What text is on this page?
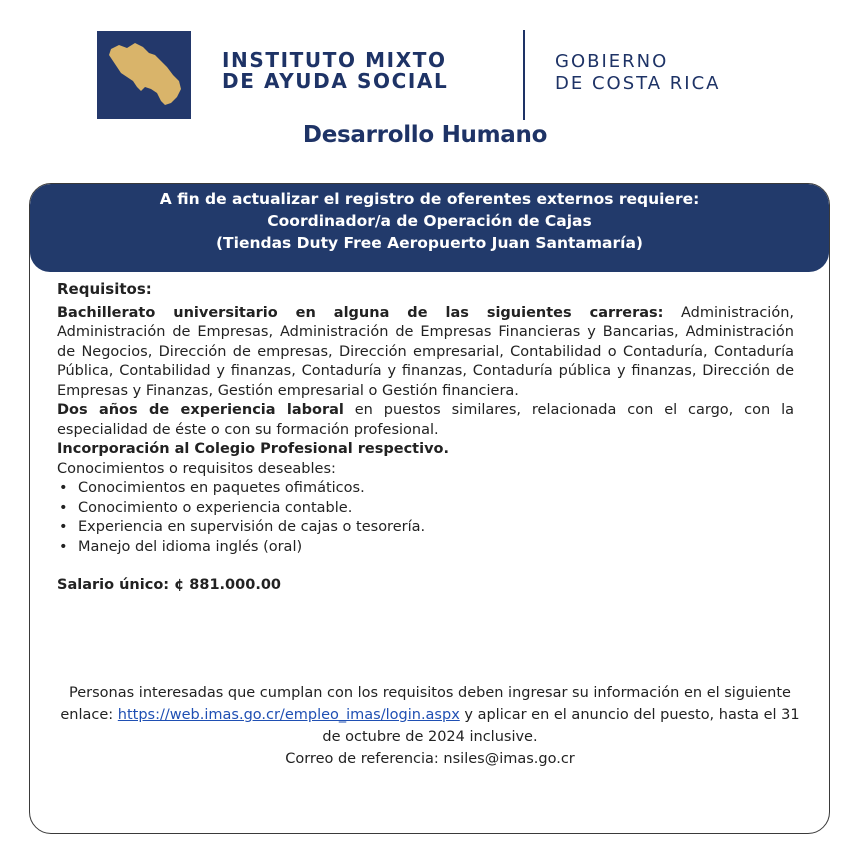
INSTITUTO MIXTO
DE AYUDA SOCIAL
GOBIERNO
DE COSTA RICA
Desarrollo Humano
A fin de actualizar el registro de oferentes externos requiere:
Coordinador/a de Operación de Cajas
(Tiendas Duty Free Aeropuerto Juan Santamaría)
Requisitos:
Bachillerato universitario en alguna de las siguientes carreras: Administración, Administración de Empresas, Administración de Empresas Financieras y Bancarias, Administración de Negocios, Dirección de empresas, Dirección empresarial, Contabilidad o Contaduría, Contaduría Pública, Contabilidad y finanzas, Contaduría y finanzas, Contaduría pública y finanzas, Dirección de Empresas y Finanzas, Gestión empresarial o Gestión financiera.
Dos años de experiencia laboral en puestos similares, relacionada con el cargo, con la especialidad de éste o con su formación profesional.
Incorporación al Colegio Profesional respectivo.
Conocimientos o requisitos deseables:
• Conocimientos en paquetes ofimáticos.
• Conocimiento o experiencia contable.
• Experiencia en supervisión de cajas o tesorería.
• Manejo del idioma inglés (oral)
Salario único: ¢ 881.000.00
Personas interesadas que cumplan con los requisitos deben ingresar su información en el siguiente enlace: https://web.imas.go.cr/empleo_imas/login.aspx y aplicar en el anuncio del puesto, hasta el 31 de octubre de 2024 inclusive.
Correo de referencia: nsiles@imas.go.cr
